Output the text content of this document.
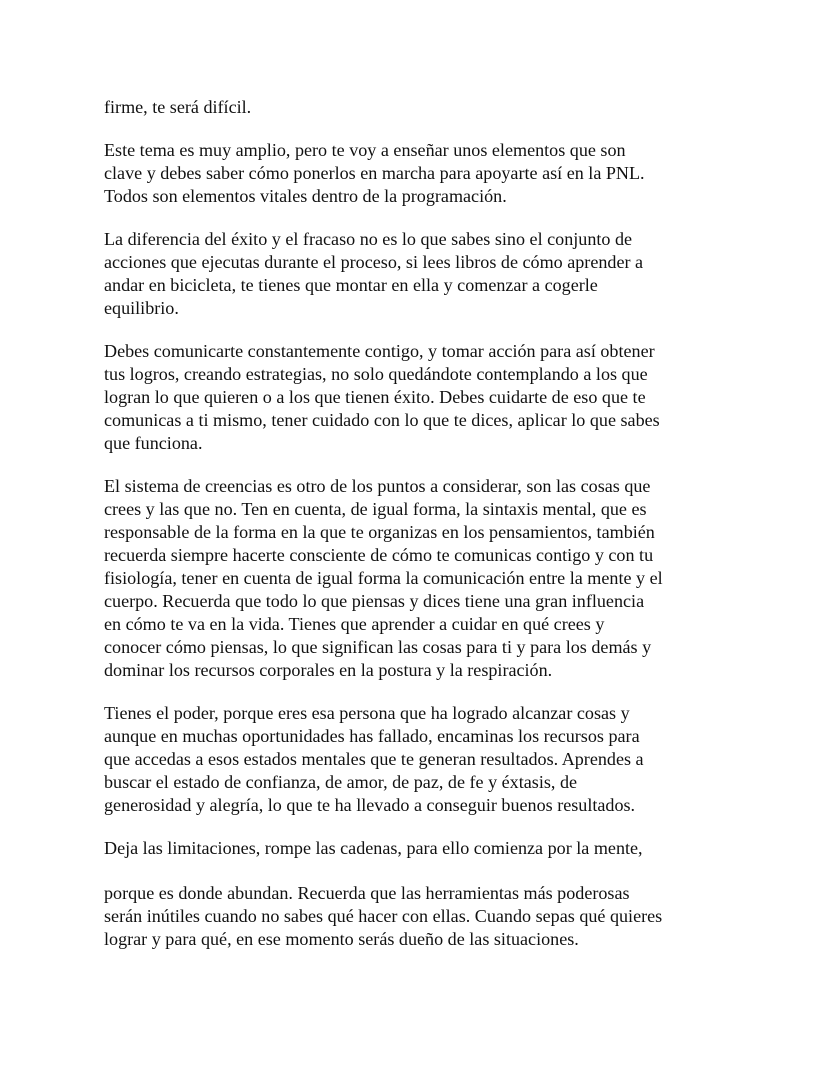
firme, te será difícil.

Este tema es muy amplio, pero te voy a enseñar unos elementos que son
clave y debes saber cómo ponerlos en marcha para apoyarte así en la PNL.
Todos son elementos vitales dentro de la programación.

La diferencia del éxito y el fracaso no es lo que sabes sino el conjunto de
acciones que ejecutas durante el proceso, si lees libros de cómo aprender a
andar en bicicleta, te tienes que montar en ella y comenzar a cogerle
equilibrio.

Debes comunicarte constantemente contigo, y tomar acción para así obtener
tus logros, creando estrategias, no solo quedándote contemplando a los que
logran lo que quieren o a los que tienen éxito. Debes cuidarte de eso que te
comunicas a ti mismo, tener cuidado con lo que te dices, aplicar lo que sabes
que funciona.

El sistema de creencias es otro de los puntos a considerar, son las cosas que
crees y las que no. Ten en cuenta, de igual forma, la sintaxis mental, que es
responsable de la forma en la que te organizas en los pensamientos, también
recuerda siempre hacerte consciente de cómo te comunicas contigo y con tu
fisiología, tener en cuenta de igual forma la comunicación entre la mente y el
cuerpo. Recuerda que todo lo que piensas y dices tiene una gran influencia
en cómo te va en la vida. Tienes que aprender a cuidar en qué crees y
conocer cómo piensas, lo que significan las cosas para ti y para los demás y
dominar los recursos corporales en la postura y la respiración.

Tienes el poder, porque eres esa persona que ha logrado alcanzar cosas y
aunque en muchas oportunidades has fallado, encaminas los recursos para
que accedas a esos estados mentales que te generan resultados. Aprendes a
buscar el estado de confianza, de amor, de paz, de fe y éxtasis, de
generosidad y alegría, lo que te ha llevado a conseguir buenos resultados.

Deja las limitaciones, rompe las cadenas, para ello comienza por la mente,

porque es donde abundan. Recuerda que las herramientas más poderosas
serán inútiles cuando no sabes qué hacer con ellas. Cuando sepas qué quieres
lograr y para qué, en ese momento serás dueño de las situaciones.
